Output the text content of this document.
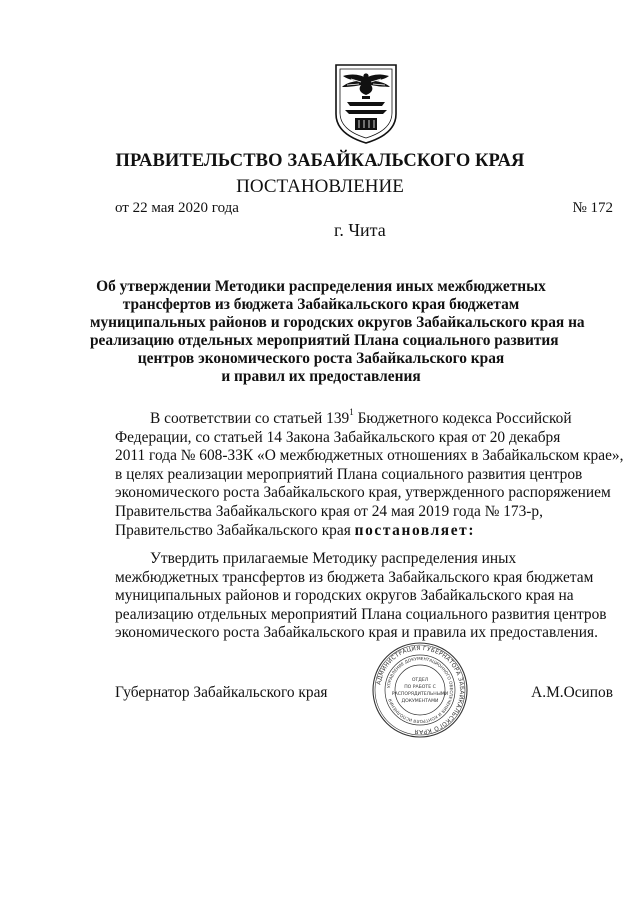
ПРАВИТЕЛЬСТВО ЗАБАЙКАЛЬСКОГО КРАЯ
ПОСТАНОВЛЕНИЕ
от 22 мая 2020 года	№ 172
г. Чита
Об утверждении Методики распределения иных межбюджетных
трансфертов из бюджета Забайкальского края бюджетам
муниципальных районов и городских округов Забайкальского края на
реализацию отдельных мероприятий Плана социального развития
центров экономического роста Забайкальского края
и правил их предоставления
В соответствии со статьей $139^1$ Бюджетного кодекса Российской
Федерации, со статьей 14 Закона Забайкальского края от 20 декабря
2011 года № 608-ЗЗК «О межбюджетных отношениях в Забайкальском крае»,
в целях реализации мероприятий Плана социального развития центров
экономического роста Забайкальского края, утвержденного распоряжением
Правительства Забайкальского края от 24 мая 2019 года № 173-р,
Правительство Забайкальского края постановляет:
Утвердить прилагаемые Методику распределения иных
межбюджетных трансфертов из бюджета Забайкальского края бюджетам
муниципальных районов и городских округов Забайкальского края на
реализацию отдельных мероприятий Плана социального развития центров
экономического роста Забайкальского края и правила их предоставления.
Губернатор Забайкальского края	А.М.Осипов
АДМИНИСТРАЦИЯ ГУБЕРНАТОРА ЗАБАЙКАЛЬСКОГО КРАЯ
УПРАВЛЕНИЕ ДОКУМЕНТАЦИОННОГО ОБЕСПЕЧЕНИЯ И КОНТРОЛЯ ИСПОЛНЕНИЯ
ОТДЕЛ
ПО РАБОТЕ С
РАСПОРЯДИТЕЛЬНЫМИ
ДОКУМЕНТАМИ
